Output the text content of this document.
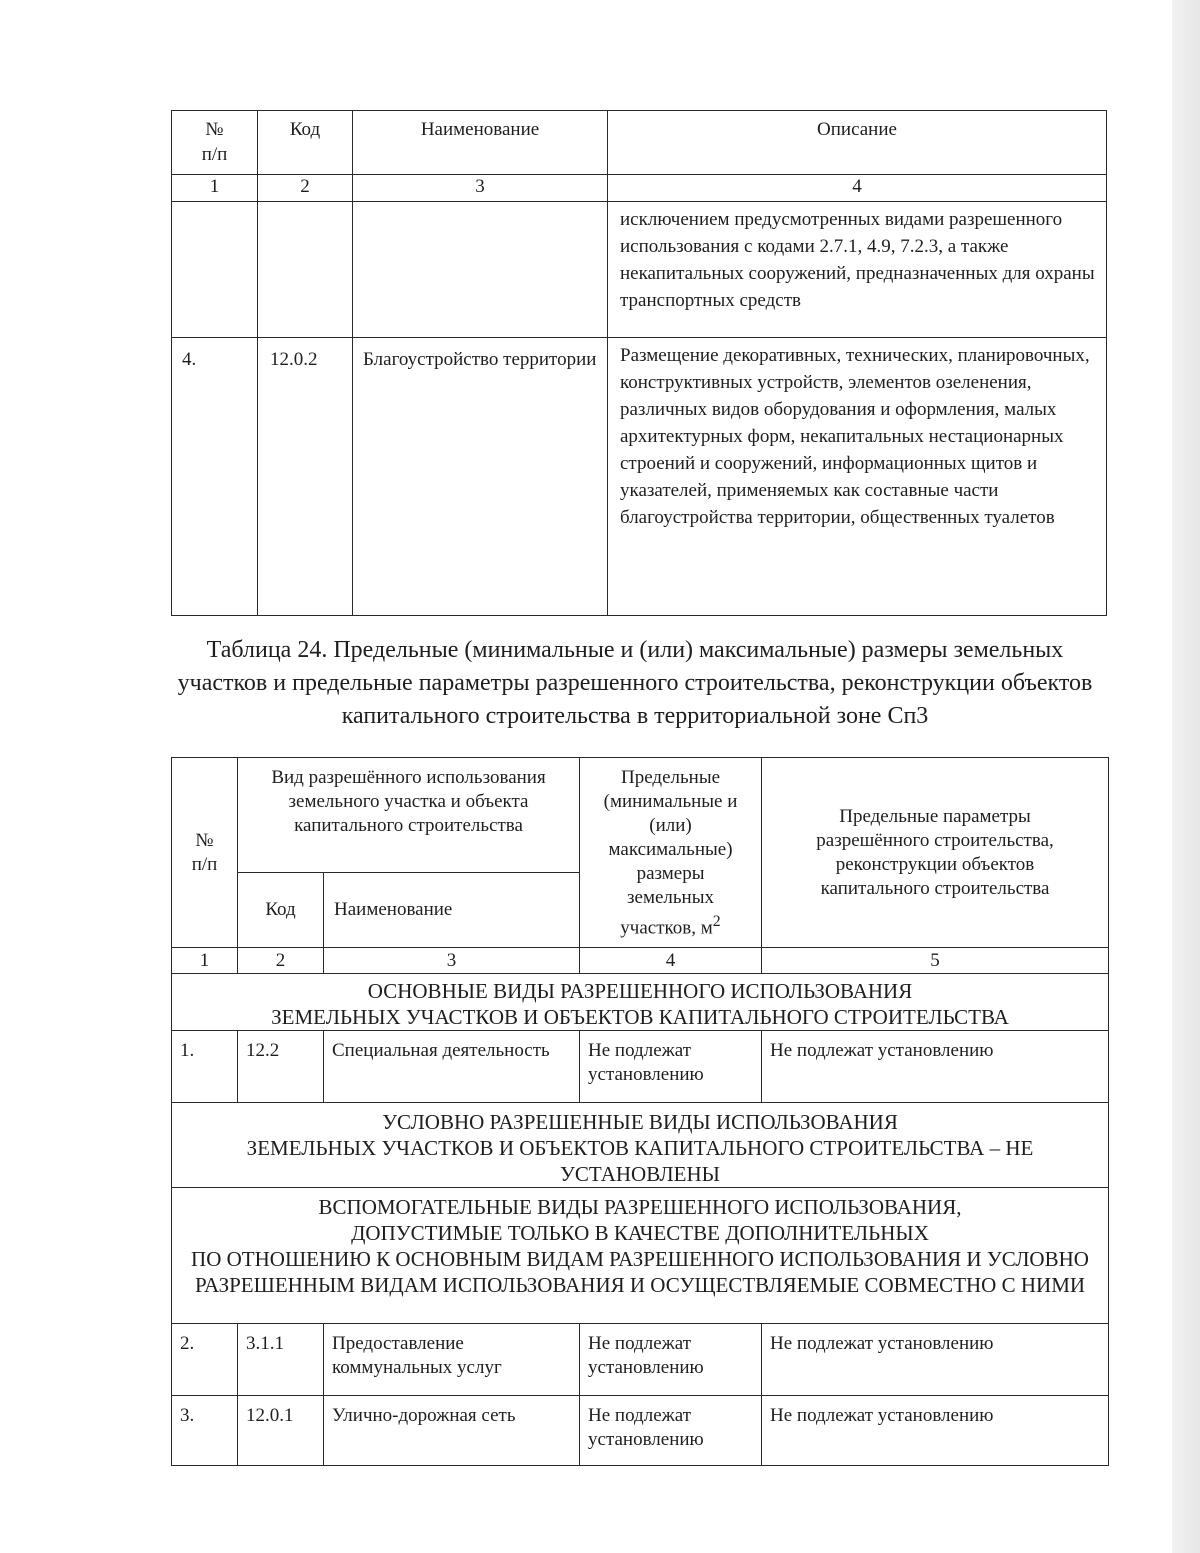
№
п/п	Код	Наименование	Описание
1	2	3	4
			исключением предусмотренных видами разрешенного использования с кодами 2.7.1, 4.9, 7.2.3, а также некапитальных сооружений, предназначенных для охраны транспортных средств
4.	12.0.2	Благоустройство территории	Размещение декоративных, технических, планировочных, конструктивных устройств, элементов озеленения, различных видов оборудования и оформления, малых архитектурных форм, некапитальных нестационарных строений и сооружений, информационных щитов и указателей, применяемых как составные части благоустройства территории, общественных туалетов
Таблица 24. Предельные (минимальные и (или) максимальные) размеры земельных участков и предельные параметры разрешенного строительства, реконструкции объектов капитального строительства в территориальной зоне Сп3
№
п/п	Вид разрешённого использования земельного участка и объекта капитального строительства		Предельные (минимальные и (или) максимальные) размеры земельных участков, $м^2$	Предельные параметры разрешённого строительства, реконструкции объектов капитального строительства
	Код	Наименование		
1	2	3	4	5
ОСНОВНЫЕ ВИДЫ РАЗРЕШЕННОГО ИСПОЛЬЗОВАНИЯ
ЗЕМЕЛЬНЫХ УЧАСТКОВ И ОБЪЕКТОВ КАПИТАЛЬНОГО СТРОИТЕЛЬСТВА				
1.	12.2	Специальная деятельность	Не подлежат установлению	Не подлежат установлению
УСЛОВНО РАЗРЕШЕННЫЕ ВИДЫ ИСПОЛЬЗОВАНИЯ
ЗЕМЕЛЬНЫХ УЧАСТКОВ И ОБЪЕКТОВ КАПИТАЛЬНОГО СТРОИТЕЛЬСТВА – НЕ УСТАНОВЛЕНЫ				
ВСПОМОГАТЕЛЬНЫЕ ВИДЫ РАЗРЕШЕННОГО ИСПОЛЬЗОВАНИЯ,
ДОПУСТИМЫЕ ТОЛЬКО В КАЧЕСТВЕ ДОПОЛНИТЕЛЬНЫХ
ПО ОТНОШЕНИЮ К ОСНОВНЫМ ВИДАМ РАЗРЕШЕННОГО ИСПОЛЬЗОВАНИЯ И УСЛОВНО РАЗРЕШЕННЫМ ВИДАМ ИСПОЛЬЗОВАНИЯ И ОСУЩЕСТВЛЯЕМЫЕ СОВМЕСТНО С НИМИ				
2.	3.1.1	Предоставление коммунальных услуг	Не подлежат установлению	Не подлежат установлению
3.	12.0.1	Улично-дорожная сеть	Не подлежат установлению	Не подлежат установлению
